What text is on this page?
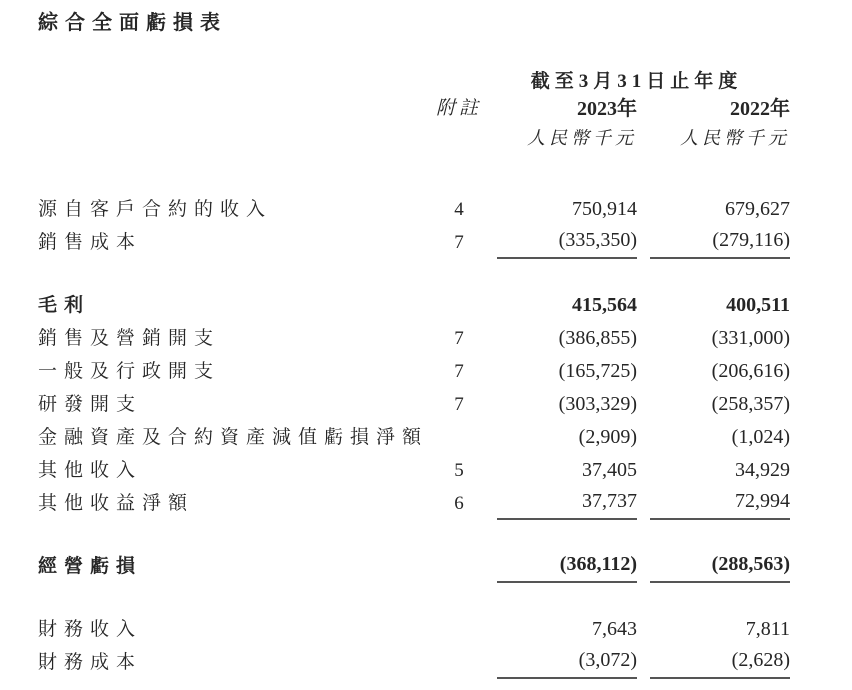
綜合全面虧損表
截至3月31日止年度
附註	2023年	2022年
人民幣千元	人民幣千元
源自客戶合約的收入	4	750,914	679,627
銷售成本	7	(335,350)	(279,116)
毛利	415,564	400,511
銷售及營銷開支	7	(386,855)	(331,000)
一般及行政開支	7	(165,725)	(206,616)
研發開支	7	(303,329)	(258,357)
金融資產及合約資產減值虧損淨額	(2,909)	(1,024)
其他收入	5	37,405	34,929
其他收益淨額	6	37,737	72,994
經營虧損	(368,112)	(288,563)
財務收入	7,643	7,811
財務成本	(3,072)	(2,628)
